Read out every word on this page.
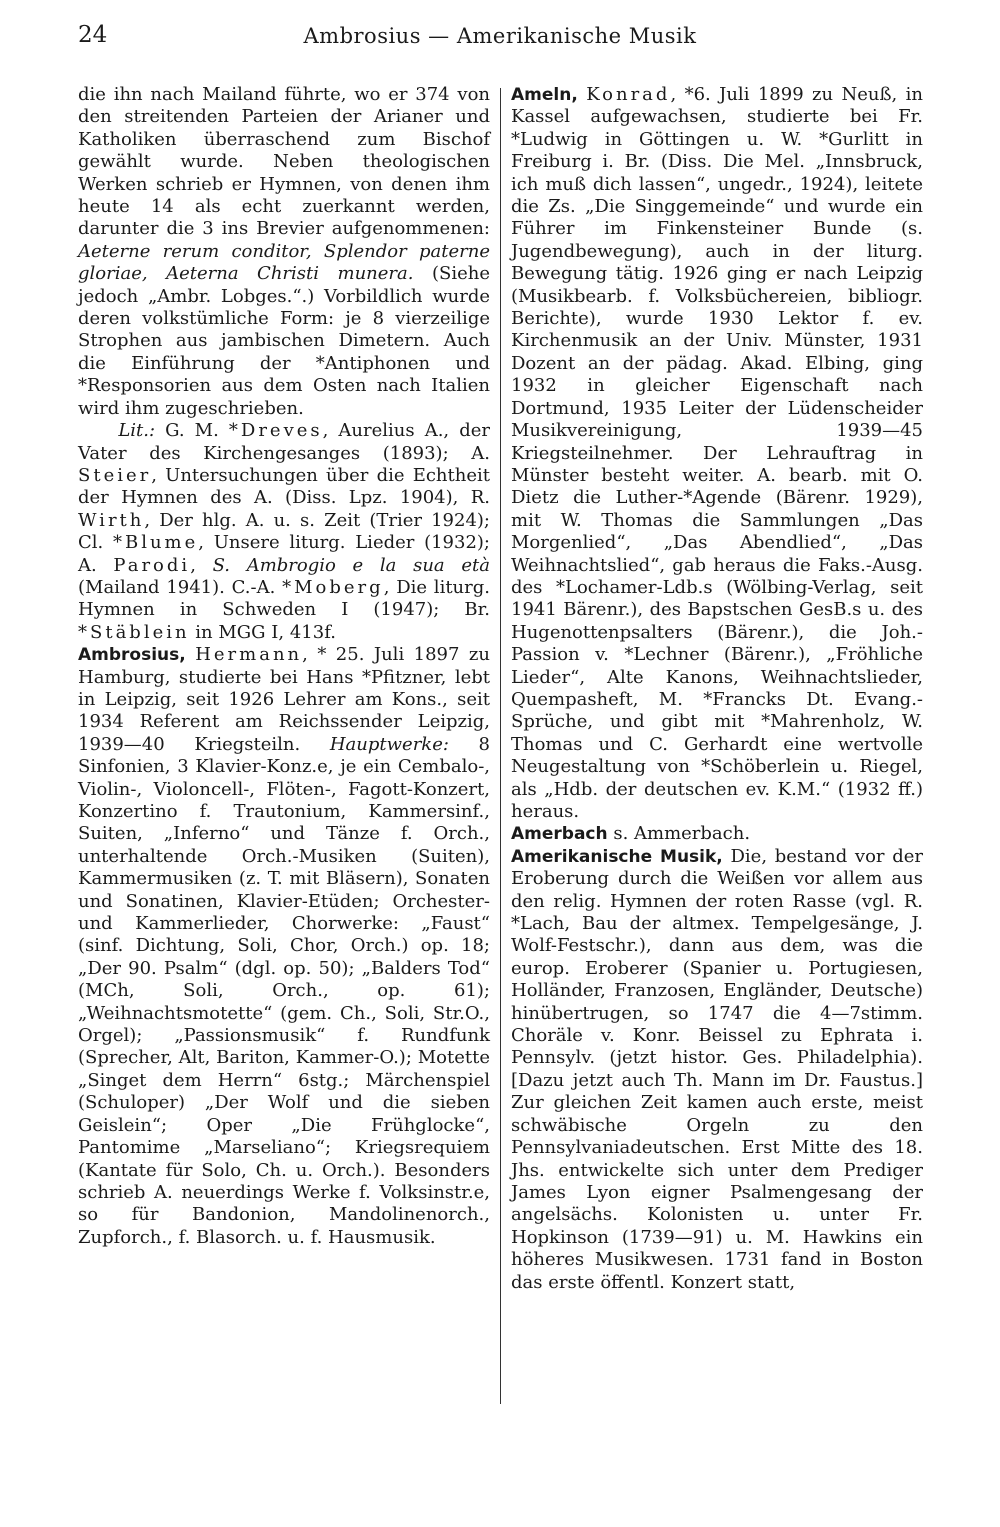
24	Ambrosius — Amerikanische Musik

die ihn nach Mailand führte, wo er 374 von den streitenden Parteien der Arianer und Katholiken überraschend zum Bischof gewählt wurde. Neben theologischen Werken schrieb er Hymnen, von denen ihm heute 14 als echt zuerkannt werden, darunter die 3 ins Brevier aufgenommenen: Aeterne rerum conditor, Splendor paterne gloriae, Aeterna Christi munera. (Siehe jedoch „Ambr. Lobges.“.) Vorbildlich wurde deren volkstümliche Form: je 8 vierzeilige Strophen aus jambischen Dimetern. Auch die Einführung der *Antiphonen und *Responsorien aus dem Osten nach Italien wird ihm zugeschrieben.

Lit.: G. M. *Dreves, Aurelius A., der Vater des Kirchengesanges (1893); A. Steier, Untersuchungen über die Echtheit der Hymnen des A. (Diss. Lpz. 1904), R. Wirth, Der hlg. A. u. s. Zeit (Trier 1924); Cl. *Blume, Unsere liturg. Lieder (1932); A. Parodi, S. Ambrogio e la sua età (Mailand 1941). C.-A. *Moberg, Die liturg. Hymnen in Schweden I (1947); Br. *Stäblein in MGG I, 413f.

Ambrosius, Hermann, * 25. Juli 1897 zu Hamburg, studierte bei Hans *Pfitzner, lebt in Leipzig, seit 1926 Lehrer am Kons., seit 1934 Referent am Reichssender Leipzig, 1939—40 Kriegsteiln. Hauptwerke: 8 Sinfonien, 3 Klavier-Konz.e, je ein Cembalo-, Violin-, Violoncell-, Flöten-, Fagott-Konzert, Konzertino f. Trautonium, Kammersinf., Suiten, „Inferno“ und Tänze f. Orch., unterhaltende Orch.-Musiken (Suiten), Kammermusiken (z. T. mit Bläsern), Sonaten und Sonatinen, Klavier-Etüden; Orchester- und Kammerlieder, Chorwerke: „Faust“ (sinf. Dichtung, Soli, Chor, Orch.) op. 18; „Der 90. Psalm“ (dgl. op. 50); „Balders Tod“ (MCh, Soli, Orch., op. 61); „Weihnachtsmotette“ (gem. Ch., Soli, Str.O., Orgel); „Passionsmusik“ f. Rundfunk (Sprecher, Alt, Bariton, Kammer-O.); Motette „Singet dem Herrn“ 6stg.; Märchenspiel (Schuloper) „Der Wolf und die sieben Geislein“; Oper „Die Frühglocke“, Pantomime „Marseliano“; Kriegsrequiem (Kantate für Solo, Ch. u. Orch.). Besonders schrieb A. neuerdings Werke f. Volksinstr.e, so für Bandonion, Mandolinenorch., Zupforch., f. Blasorch. u. f. Hausmusik.

Ameln, Konrad, *6. Juli 1899 zu Neuß, in Kassel aufgewachsen, studierte bei Fr. *Ludwig in Göttingen u. W. *Gurlitt in Freiburg i. Br. (Diss. Die Mel. „Innsbruck, ich muß dich lassen“, ungedr., 1924), leitete die Zs. „Die Singgemeinde“ und wurde ein Führer im Finkensteiner Bunde (s. Jugendbewegung), auch in der liturg. Bewegung tätig. 1926 ging er nach Leipzig (Musikbearb. f. Volksbüchereien, bibliogr. Berichte), wurde 1930 Lektor f. ev. Kirchenmusik an der Univ. Münster, 1931 Dozent an der pädag. Akad. Elbing, ging 1932 in gleicher Eigenschaft nach Dortmund, 1935 Leiter der Lüdenscheider Musikvereinigung, 1939—45 Kriegsteilnehmer. Der Lehrauftrag in Münster besteht weiter. A. bearb. mit O. Dietz die Luther-*Agende (Bärenr. 1929), mit W. Thomas die Sammlungen „Das Morgenlied“, „Das Abendlied“, „Das Weihnachtslied“, gab heraus die Faks.-Ausg. des *Lochamer-Ldb.s (Wölbing-Verlag, seit 1941 Bärenr.), des Bapstschen GesB.s u. des Hugenottenpsalters (Bärenr.), die Joh.-Passion v. *Lechner (Bärenr.), „Fröhliche Lieder“, Alte Kanons, Weihnachtslieder, Quempasheft, M. *Francks Dt. Evang.-Sprüche, und gibt mit *Mahrenholz, W. Thomas und C. Gerhardt eine wertvolle Neugestaltung von *Schöberlein u. Riegel, als „Hdb. der deutschen ev. K.M.“ (1932 ff.) heraus.

Amerbach s. Ammerbach.

Amerikanische Musik, Die, bestand vor der Eroberung durch die Weißen vor allem aus den relig. Hymnen der roten Rasse (vgl. R. *Lach, Bau der altmex. Tempelgesänge, J. Wolf-Festschr.), dann aus dem, was die europ. Eroberer (Spanier u. Portugiesen, Holländer, Franzosen, Engländer, Deutsche) hinübertrugen, so 1747 die 4—7stimm. Choräle v. Konr. Beissel zu Ephrata i. Pennsylv. (jetzt histor. Ges. Philadelphia). [Dazu jetzt auch Th. Mann im Dr. Faustus.] Zur gleichen Zeit kamen auch erste, meist schwäbische Orgeln zu den Pennsylvaniadeutschen. Erst Mitte des 18. Jhs. entwickelte sich unter dem Prediger James Lyon eigner Psalmengesang der angelsächs. Kolonisten u. unter Fr. Hopkinson (1739—91) u. M. Hawkins ein höheres Musikwesen. 1731 fand in Boston das erste öffentl. Konzert statt,
